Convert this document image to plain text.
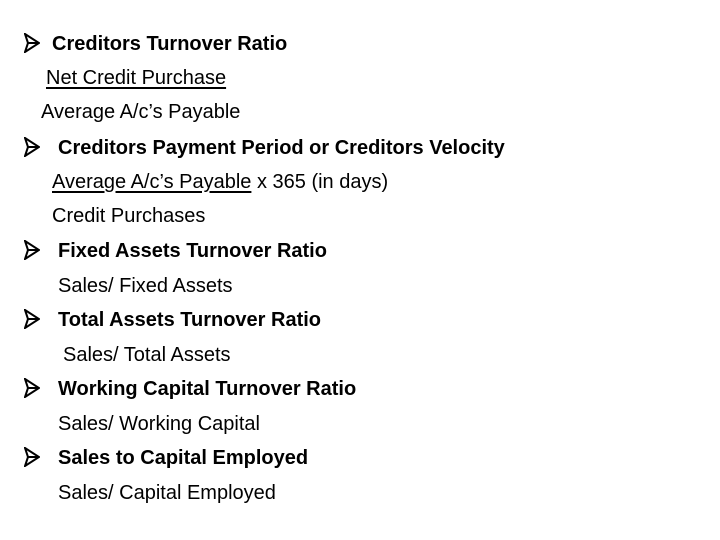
Creditors Turnover Ratio
Net Credit Purchase
Average A/c’s Payable
Creditors Payment Period or Creditors Velocity
Average A/c’s Payable x 365 (in days)
Credit Purchases
Fixed Assets Turnover Ratio
Sales/ Fixed Assets
Total Assets Turnover Ratio
Sales/ Total Assets
Working Capital Turnover Ratio
Sales/ Working Capital
Sales to Capital Employed
Sales/ Capital Employed
